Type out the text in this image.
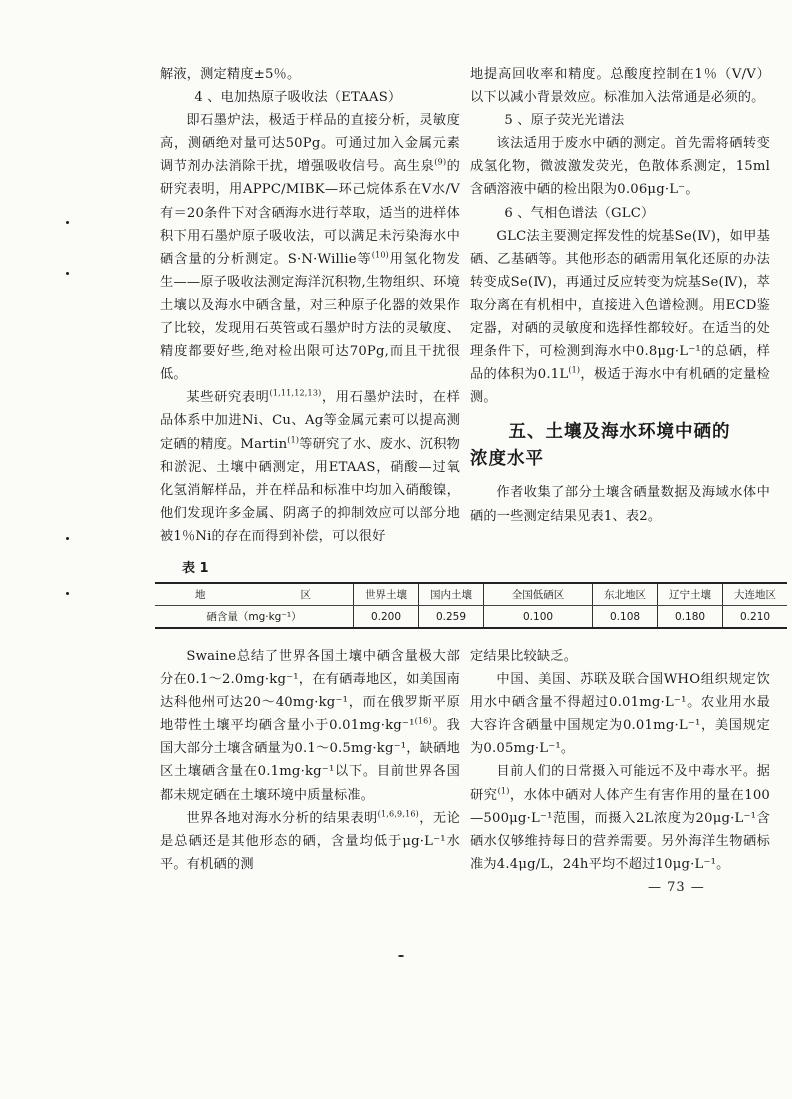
解液，测定精度±5％。

4 、电加热原子吸收法（ETAAS）

即石墨炉法，极适于样品的直接分析，灵敏度高，测硒绝对量可达50Pg。可通过加入金属元素调节剂办法消除干扰，增强吸收信号。高生泉$^{(9)}$的研究表明，用APPC/MIBK—环己烷体系在V水/V有＝20条件下对含硒海水进行萃取，适当的进样体积下用石墨炉原子吸收法，可以满足未污染海水中硒含量的分析测定。S·N·Willie等$^{(10)}$用氢化物发生——原子吸收法测定海洋沉积物,生物组织、环境土壤以及海水中硒含量，对三种原子化器的效果作了比较，发现用石英管或石墨炉时方法的灵敏度、精度都要好些,绝对检出限可达70Pg,而且干扰很低。

某些研究表明$^{(1,11,12,13)}$，用石墨炉法时，在样品体系中加进Ni、Cu、Ag等金属元素可以提高测定硒的精度。Martin$^{(1)}$等研究了水、废水、沉积物和淤泥、土壤中硒测定，用ETAAS，硝酸—过氧化氢消解样品，并在样品和标准中均加入硝酸镍，他们发现许多金属、阴离子的抑制效应可以部分地被1％Ni的存在而得到补偿，可以很好

地提高回收率和精度。总酸度控制在1％（V/V）以下以减小背景效应。标准加入法常通是必须的。

5 、原子荧光光谱法

该法适用于废水中硒的测定。首先需将硒转变成氢化物，微波激发荧光，色散体系测定，15ml含硒溶液中硒的检出限为0.06μg·L⁻。

6 、气相色谱法（GLC）

GLC法主要测定挥发性的烷基Se(Ⅳ)，如甲基硒、乙基硒等。其他形态的硒需用氧化还原的办法转变成Se(Ⅳ)，再通过反应转变为烷基Se(Ⅳ)，萃取分离在有机相中，直接进入色谱检测。用ECD鉴定器，对硒的灵敏度和选择性都较好。在适当的处理条件下，可检测到海水中0.8μg·L⁻¹的总硒，样品的体积为$0.1L^{(1)}$，极适于海水中有机硒的定量检测。

五、土壤及海水环境中硒的
浓度水平

作者收集了部分土壤含硒量数据及海域水体中硒的一些测定结果见表1、表2。

表 1
地 区	世界土壤	国内土壤	全国低硒区	东北地区	辽宁土壤	大连地区
硒含量（mg·kg⁻¹）	0.200	0.259	0.100	0.108	0.180	0.210

Swaine总结了世界各国土壤中硒含量极大部分在0.1～2.0mg·kg⁻¹，在有硒毒地区，如美国南达科他州可达20～40mg·kg⁻¹，而在俄罗斯平原地带性土壤平均硒含量小于0.01mg·kg⁻¹$^{(16)}$。我国大部分土壤含硒量为0.1～0.5mg·kg⁻¹，缺硒地区土壤硒含量在0.1mg·kg⁻¹以下。目前世界各国都未规定硒在土壤环境中质量标准。

世界各地对海水分析的结果表明$^{(1,6,9,16)}$，无论是总硒还是其他形态的硒，含量均低于μg·L⁻¹水平。有机硒的测

定结果比较缺乏。

中国、美国、苏联及联合国WHO组织规定饮用水中硒含量不得超过0.01mg·L⁻¹。农业用水最大容许含硒量中国规定为0.01mg·L⁻¹，美国规定为0.05mg·L⁻¹。

目前人们的日常摄入可能远不及中毒水平。据研究$^{(1)}$，水体中硒对人体产生有害作用的量在100—500μg·L⁻¹范围，而摄入2L浓度为20μg·L⁻¹含硒水仅够维持每日的营养需要。另外海洋生物硒标准为4.4μg/L，24h平均不超过10μg·L⁻¹。

— 73 —
